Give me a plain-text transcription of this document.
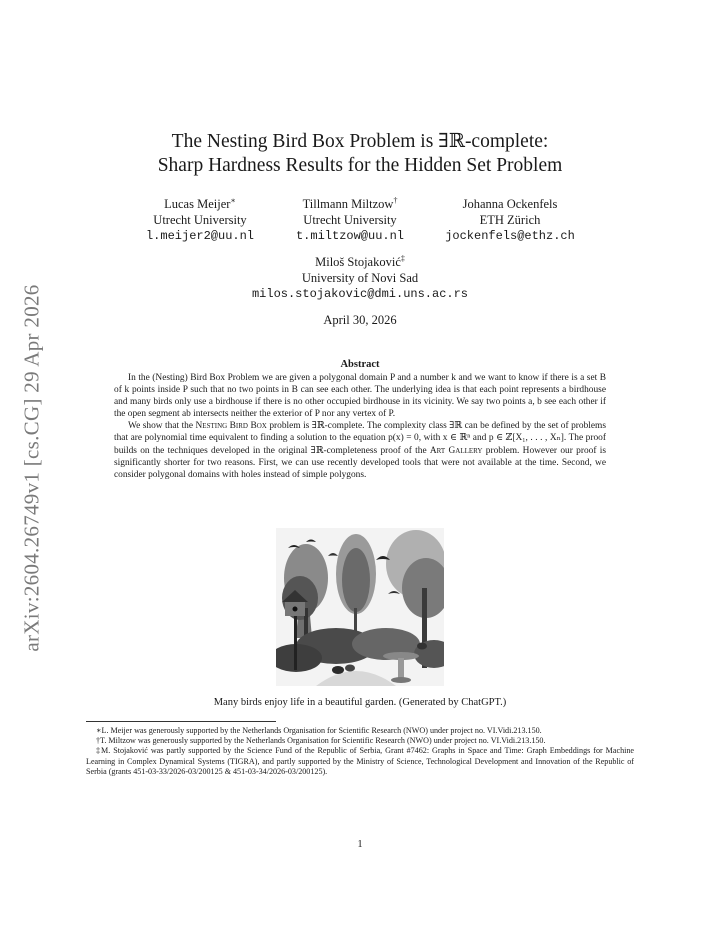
arXiv:2604.26749v1 [cs.CG] 29 Apr 2026
The Nesting Bird Box Problem is ∃ℝ-complete:
Sharp Hardness Results for the Hidden Set Problem
Lucas Meijer∗
Utrecht University
l.meijer2@uu.nl
Tillmann Miltzow†
Utrecht University
t.miltzow@uu.nl
Johanna Ockenfels
ETH Zürich
jockenfels@ethz.ch
Miloš Stojaković‡
University of Novi Sad
milos.stojakovic@dmi.uns.ac.rs
April 30, 2026
Abstract

In the (Nesting) Bird Box Problem we are given a polygonal domain P and a number k and we want to know if there is a set B of k points inside P such that no two points in B can see each other. The underlying idea is that each point represents a birdhouse and many birds only use a birdhouse if there is no other occupied birdhouse in its vicinity. We say two points a, b see each other if the open segment ab intersects neither the exterior of P nor any vertex of P.

We show that the Nesting Bird Box problem is ∃ℝ-complete. The complexity class ∃ℝ can be defined by the set of problems that are polynomial time equivalent to finding a solution to the equation p(x) = 0, with x ∈ ℝⁿ and p ∈ ℤ[X₁, . . . , Xₙ]. The proof builds on the techniques developed in the original ∃ℝ-completeness proof of the Art Gallery problem. However our proof is significantly shorter for two reasons. First, we can use recently developed tools that were not available at the time. Second, we consider polygonal domains with holes instead of simple polygons.

Many birds enjoy life in a beautiful garden. (Generated by ChatGPT.)

∗L. Meijer was generously supported by the Netherlands Organisation for Scientific Research (NWO) under project no. VI.Vidi.213.150.

†T. Miltzow was generously supported by the Netherlands Organisation for Scientific Research (NWO) under project no. VI.Vidi.213.150.

‡M. Stojaković was partly supported by the Science Fund of the Republic of Serbia, Grant #7462: Graphs in Space and Time: Graph Embeddings for Machine Learning in Complex Dynamical Systems (TIGRA), and partly supported by the Ministry of Science, Technological Development and Innovation of the Republic of Serbia (grants 451-03-33/2026-03/200125 & 451-03-34/2026-03/200125).

1
